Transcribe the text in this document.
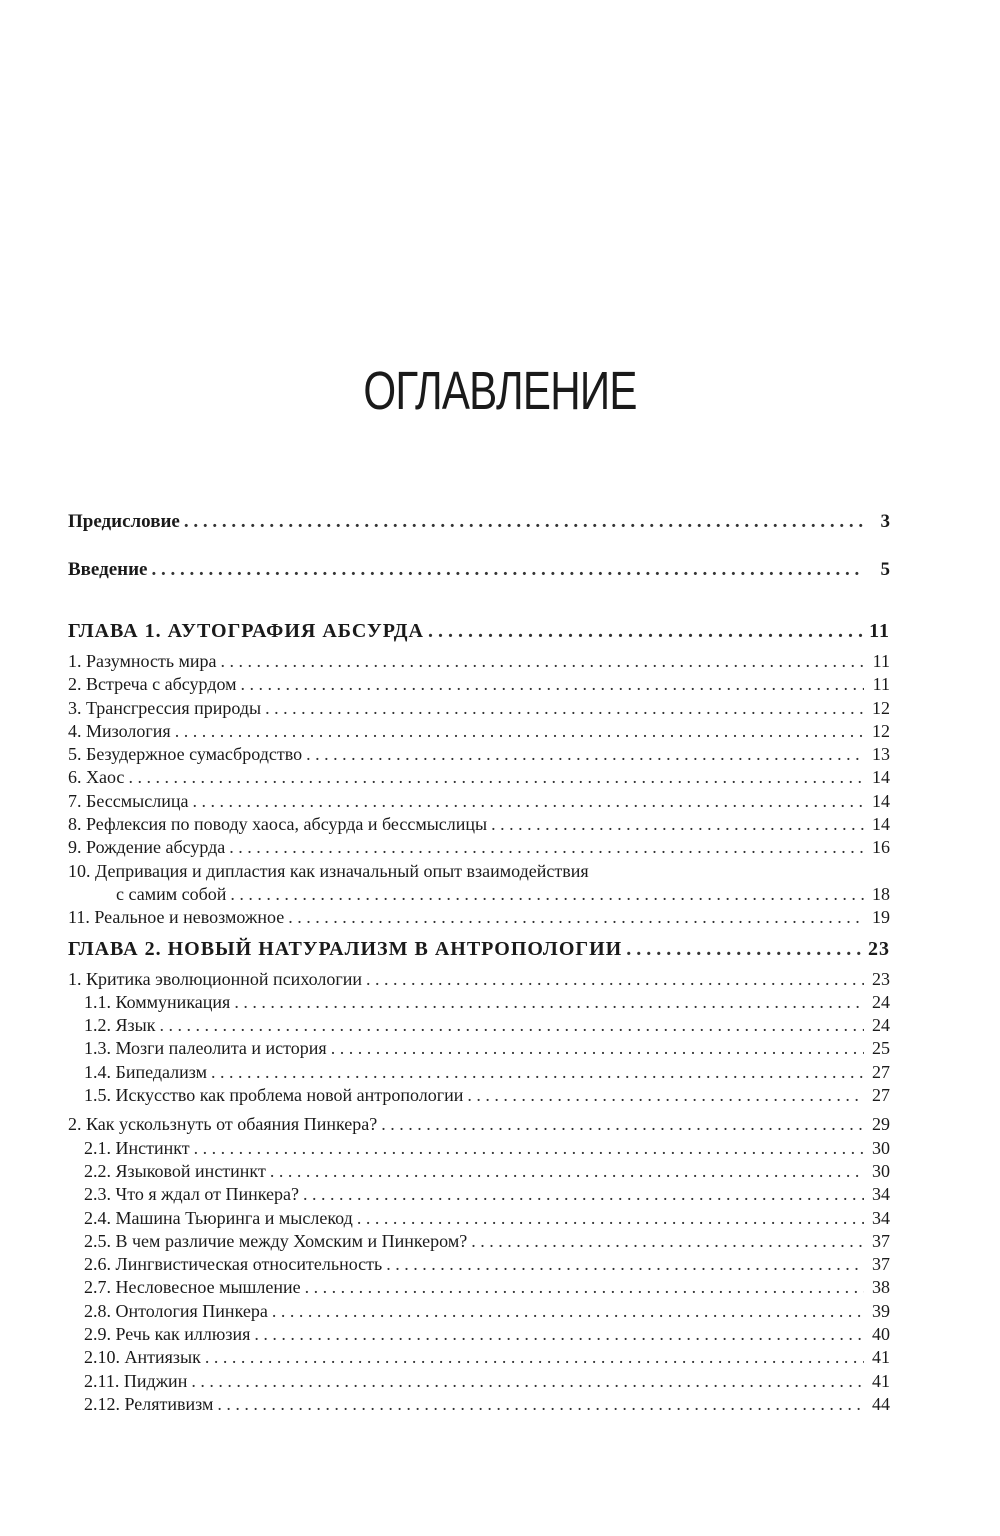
ОГЛАВЛЕНИЕ
Предисловие . . .	3
Введение . . .	5
ГЛАВА 1. АУТОГРАФИЯ АБСУРДА . . .	11
1. Разумность мира . . .	11
2. Встреча с абсурдом . . .	11
3. Трансгрессия природы . . .	12
4. Мизология . . .	12
5. Безудержное сумасбродство . . .	13
6. Хаос . . .	14
7. Бессмыслица . . .	14
8. Рефлексия по поводу хаоса, абсурда и бессмыслицы . . .	14
9. Рождение абсурда . . .	16
10. Депривация и дипластия как изначальный опыт взаимодействия
с самим собой . . .	18
11. Реальное и невозможное . . .	19
ГЛАВА 2. НОВЫЙ НАТУРАЛИЗМ В АНТРОПОЛОГИИ . . .	23
1. Критика эволюционной психологии . . .	23
1.1. Коммуникация . . .	24
1.2. Язык . . .	24
1.3. Мозги палеолита и история . . .	25
1.4. Бипедализм . . .	27
1.5. Искусство как проблема новой антропологии . . .	27
2. Как ускользнуть от обаяния Пинкера? . . .	29
2.1. Инстинкт . . .	30
2.2. Языковой инстинкт . . .	30
2.3. Что я ждал от Пинкера? . . .	34
2.4. Машина Тьюринга и мыслекод . . .	34
2.5. В чем различие между Хомским и Пинкером? . . .	37
2.6. Лингвистическая относительность . . .	37
2.7. Несловесное мышление . . .	38
2.8. Онтология Пинкера . . .	39
2.9. Речь как иллюзия . . .	40
2.10. Антиязык . . .	41
2.11. Пиджин . . .	41
2.12. Релятивизм . . .	44
